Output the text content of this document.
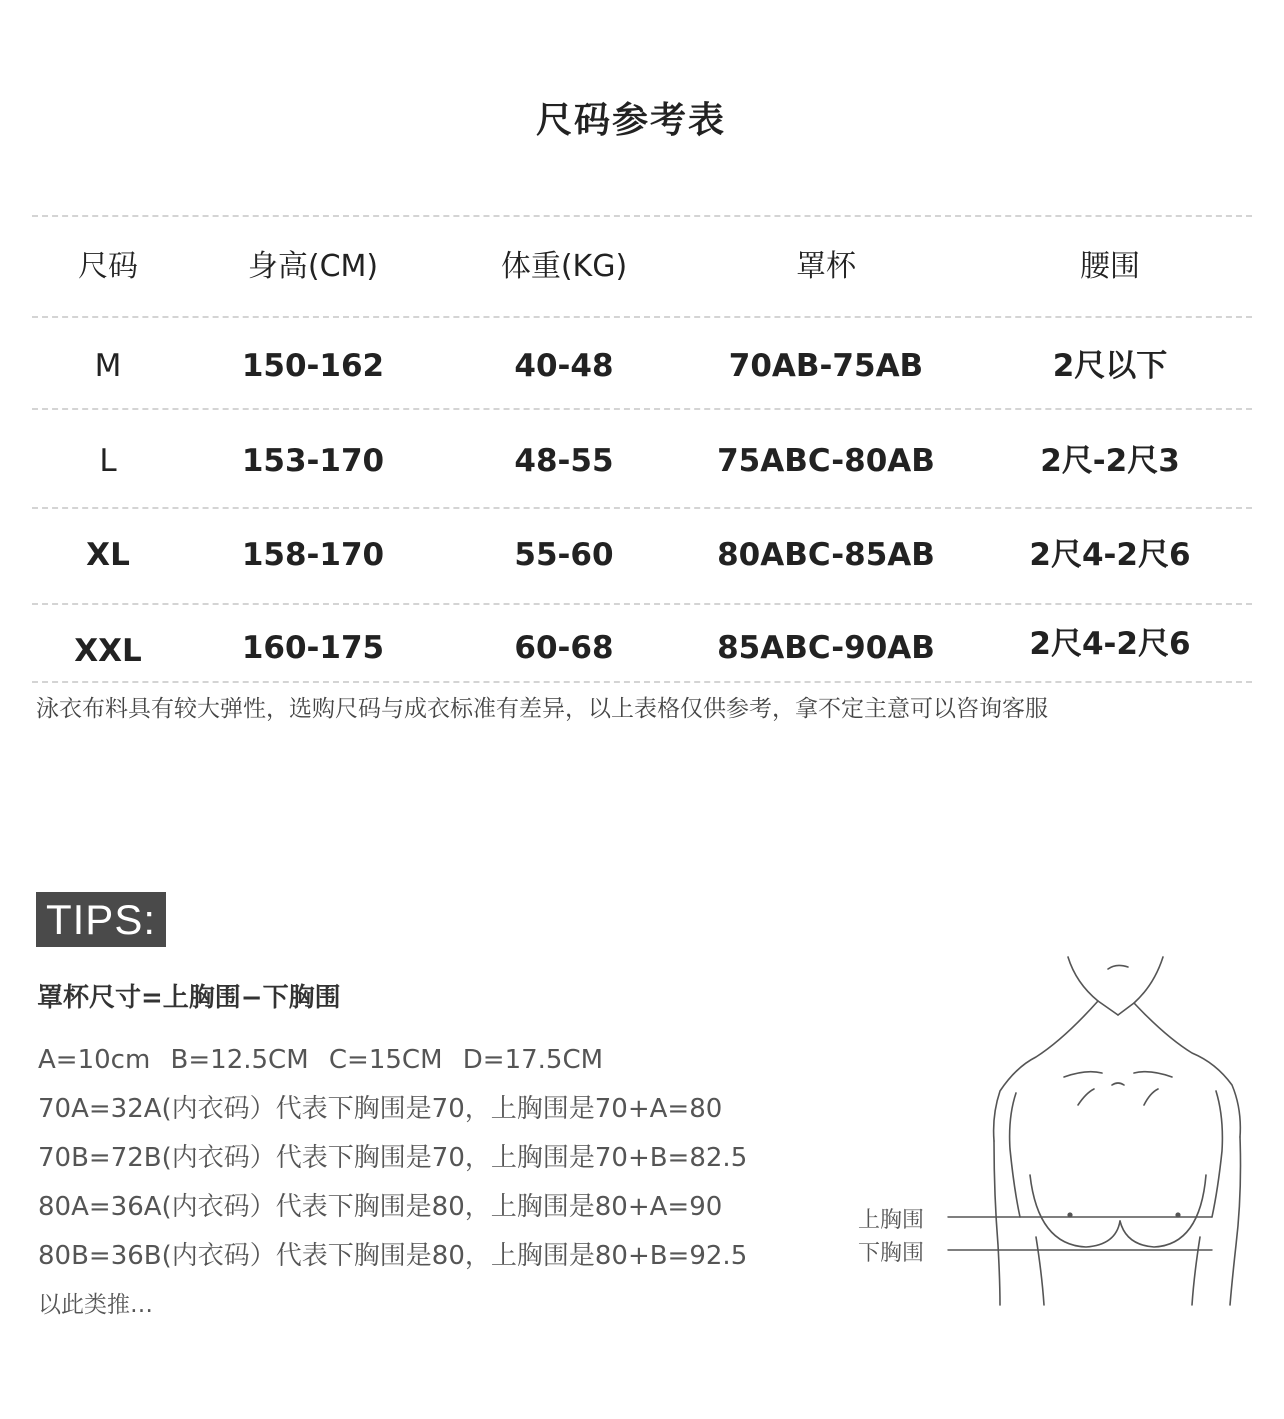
尺码参考表
尺码	身高(CM)	体重(KG)	罩杯	腰围
M	150-162	40-48	70AB-75AB	2尺以下
L	153-170	48-55	75ABC-80AB	2尺-2尺3
XL	158-170	55-60	80ABC-85AB	2尺4-2尺6
XXL	160-175	60-68	85ABC-90AB	2尺4-2尺6
泳衣布料具有较大弹性，选购尺码与成衣标准有差异，以上表格仅供参考，拿不定主意可以咨询客服
TIPS:
罩杯尺寸=上胸围−下胸围
A=10cm B=12.5CM C=15CM D=17.5CM
70A=32A(内衣码）代表下胸围是70，上胸围是70+A=80
70B=72B(内衣码）代表下胸围是70，上胸围是70+B=82.5
80A=36A(内衣码）代表下胸围是80，上胸围是80+A=90
80B=36B(内衣码）代表下胸围是80，上胸围是80+B=92.5
以此类推…
上胸围
下胸围
